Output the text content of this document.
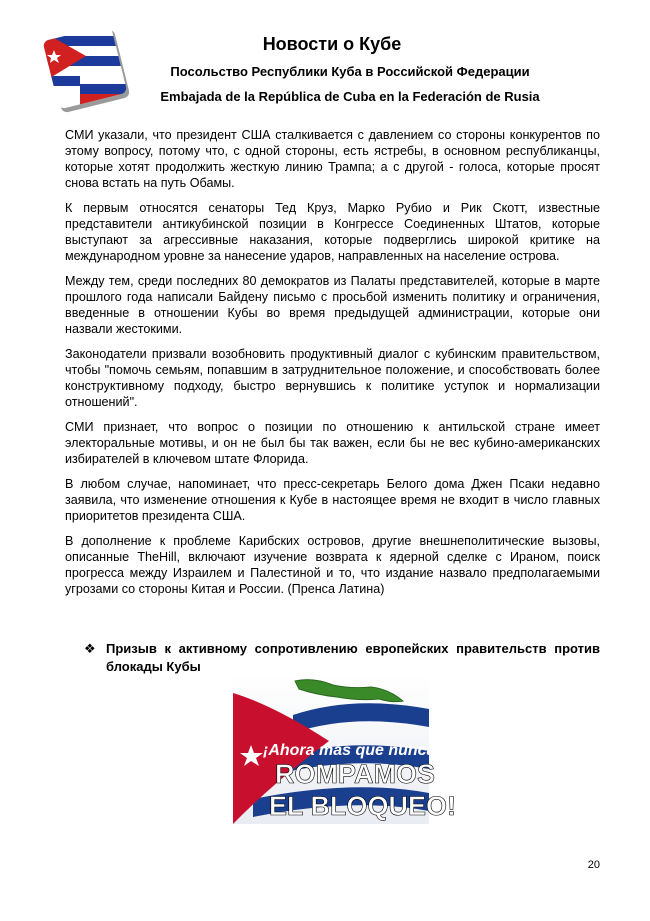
Новости о Кубе
Посольство Республики Куба в Российской Федерации
Embajada de la República de Cuba en la Federación de Rusia

СМИ указали, что президент США сталкивается с давлением со стороны конкурентов по этому вопросу, потому что, с одной стороны, есть ястребы, в основном республиканцы, которые хотят продолжить жесткую линию Трампа; а с другой - голоса, которые просят снова встать на путь Обамы.

К первым относятся сенаторы Тед Круз, Марко Рубио и Рик Скотт, известные представители антикубинской позиции в Конгрессе Соединенных Штатов, которые выступают за агрессивные наказания, которые подверглись широкой критике на международном уровне за нанесение ударов, направленных на население острова.

Между тем, среди последних 80 демократов из Палаты представителей, которые в марте прошлого года написали Байдену письмо с просьбой изменить политику и ограничения, введенные в отношении Кубы во время предыдущей администрации, которые они назвали жестокими.

Законодатели призвали возобновить продуктивный диалог с кубинским правительством, чтобы "помочь семьям, попавшим в затруднительное положение, и способствовать более конструктивному подходу, быстро вернувшись к политике уступок и нормализации отношений".

СМИ признает, что вопрос о позиции по отношению к антильской стране имеет электоральные мотивы, и он не был бы так важен, если бы не вес кубино-американских избирателей в ключевом штате Флорида.

В любом случае, напоминает, что пресс-секретарь Белого дома Джен Псаки недавно заявила, что изменение отношения к Кубе в настоящее время не входит в число главных приоритетов президента США.

В дополнение к проблеме Карибских островов, другие внешнеполитические вызовы, описанные TheHill, включают изучение возврата к ядерной сделке с Ираном, поиск прогресса между Израилем и Палестиной и то, что издание назвало предполагаемыми угрозами со стороны Китая и России. (Пренса Латина)

❖ Призыв к активному сопротивлению европейских правительств против блокады Кубы
¡Ahora más que nunca,
ROMPAMOS
EL BLOQUEO!
20
